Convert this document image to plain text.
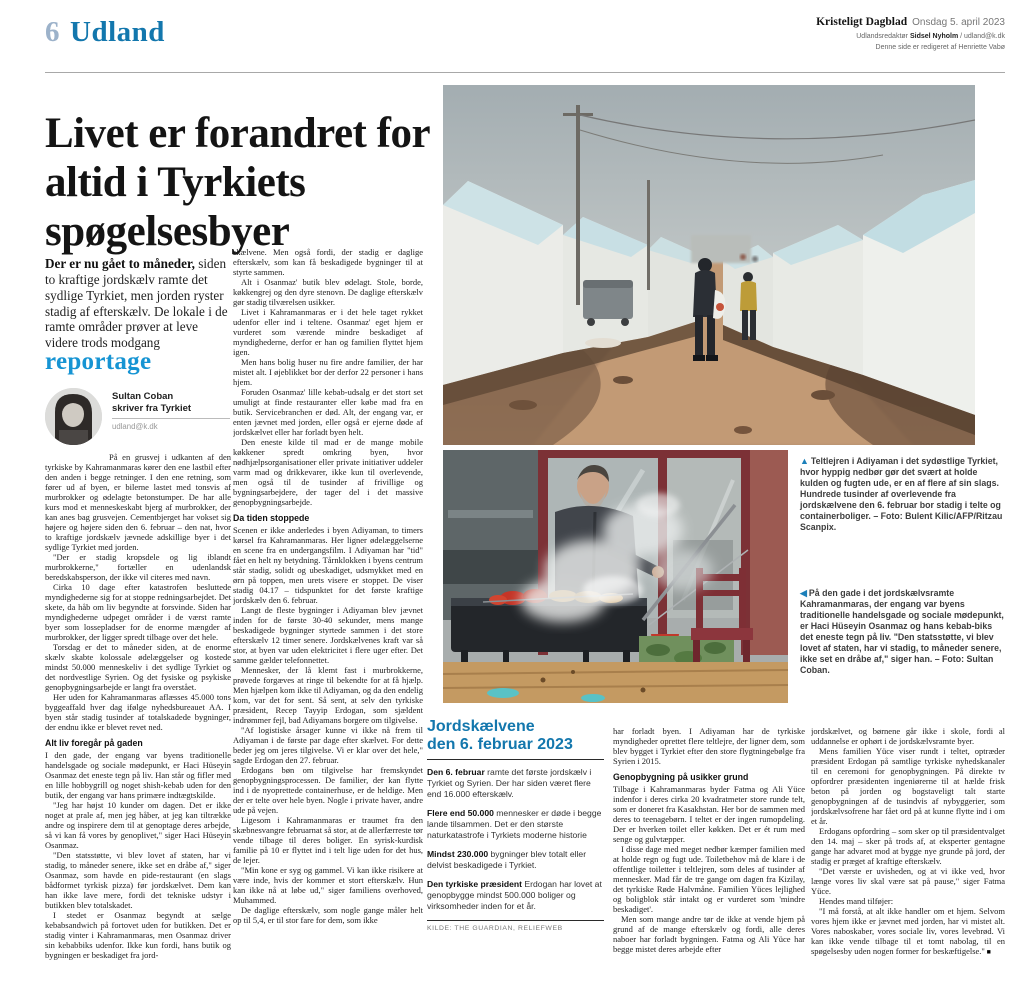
6 Udland	Kristeligt Dagblad Onsdag 5. april 2023
Udlandsredaktør Sidsel Nyholm / udland@k.dk
Denne side er redigeret af Henriette Vabø
Livet er forandret for altid i Tyrkiets spøgelsesbyer

Der er nu gået to måneder, siden to kraftige jordskælv ramte det sydlige Tyrkiet, men jorden ryster stadig af efterskælv. De lokale i de ramte områder prøver at leve videre trods modgang

reportage
Sultan Coban
skriver fra Tyrkiet
udland@k.dk

På en grusvej i udkanten af den tyrkiske by Kahramanmaras kører den ene lastbil efter den anden i begge retninger. I den ene retning, som fører ud af byen, er bilerne lastet med tonsvis af murbrokker og ødelagte betonstumper. De har alle kurs mod et menneskeskabt bjerg af murbrokker, der kan anes bag grusvejen. Cementbjerget har vokset sig højere og højere siden den 6. februar – den nat, hvor to kraftige jordskælv jævnede adskillige byer i det sydlige Tyrkiet med jorden.

"Der er stadig kropsdele og lig iblandt murbrokkerne," fortæller en udenlandsk beredskabsperson, der ikke vil citeres med navn.

Cirka 10 dage efter katastrofen besluttede myndighederne sig for at stoppe redningsarbejdet. Det skete, da håb om liv begyndte at forsvinde. Siden har myndighederne udpeget områder i de værst ramte byer som lossepladser for de enorme mængder af murbrokker, der ligger spredt tilbage over det hele.

Torsdag er det to måneder siden, at de enorme skælv skabte kolossale ødelæggelser og kostede mindst 50.000 menneskeliv i det sydlige Tyrkiet og det nordvestlige Syrien. Og det fysiske og psykiske genopbygningsarbejde er langt fra overstået.

Her uden for Kahramanmaras aflæsses 45.000 tons byggeaffald hver dag ifølge nyhedsbureauet AA. I byen står stadig tusinder af totalskadede bygninger, der endnu ikke er blevet revet ned.

Alt liv foregår på gaden

I den gade, der engang var byens traditionelle handelsgade og sociale mødepunkt, er Haci Hüseyin Osanmaz det eneste tegn på liv. Han står og fifler med en lille hobbygrill og noget shish-kebab uden for den butik, der engang var hans primære indtægtskilde.

"Jeg har højst 10 kunder om dagen. Det er ikke noget at prale af, men jeg håber, at jeg kan tiltrække andre og inspirere dem til at genoptage deres arbejde, så vi kan få vores by genoplivet," siger Haci Hüseyin Osanmaz.

"Den statsstøtte, vi blev lovet af staten, har vi stadig, to måneder senere, ikke set en dråbe af," siger Osanmaz, som havde en pide-restaurant (en slags bådformet tyrkisk pizza) før jordskælvet. Dem kan han ikke lave mere, fordi det tekniske udstyr i butikken blev totalskadet.

I stedet er Osanmaz begyndt at sælge kebabsandwich på fortovet uden for butikken. Det er stadig vinter i Kahramanmaras, men Osanmaz driver sin kebabbiks udenfor. Ikke kun fordi, hans butik og bygningen er beskadiget fra jord-

skælvene. Men også fordi, der stadig er daglige efterskælv, som kan få beskadigede bygninger til at styrte sammen.

Alt i Osanmaz' butik blev ødelagt. Stole, borde, køkkengrej og den dyre stenovn. De daglige efterskælv gør stadig tilværelsen usikker.

Livet i Kahramanmaras er i det hele taget rykket udenfor eller ind i teltene. Osanmaz' eget hjem er vurderet som værende mindre beskadiget af myndighederne, derfor er han og familien flyttet hjem igen.

Men hans bolig huser nu fire andre familier, der har mistet alt. I øjeblikket bor der derfor 22 personer i hans hjem.

Foruden Osanmaz' lille kebab-udsalg er det stort set umuligt at finde restauranter eller købe mad fra en butik. Servicebranchen er død. Alt, der engang var, er enten jævnet med jorden, eller også er ejerne døde af jordskælvet eller har forladt byen helt.

Den eneste kilde til mad er de mange mobile køkkener spredt omkring byen, hvor nødhjælpsorganisationer eller private initiativer uddeler varm mad og drikkevarer, ikke kun til overlevende, men også til de tusinder af frivillige og bygningsarbejdere, der tager del i det massive genopbygningsarbejde.

Da tiden stoppede

Scenen er ikke anderledes i byen Adiyaman, to timers kørsel fra Kahramanmaras. Her ligner ødelæggelserne en scene fra en undergangsfilm. I Adiyaman har "tid" fået en helt ny betydning. Tårnklokken i byens centrum står stadig, solidt og ubeskadiget, udsmykket med en ørn på toppen, men urets visere er stoppet. De viser stadig 04.17 – tidspunktet for det første kraftige jordskælv den 6. februar.

Langt de fleste bygninger i Adiyaman blev jævnet inden for de første 30-40 sekunder, mens mange beskadigede bygninger styrtede sammen i det store efterskælv 12 timer senere. Jordskælvenes kraft var så stor, at byen var uden elektricitet i flere uger efter. Det samme gælder telefonnettet.

Mennesker, der lå klemt fast i murbrokkerne, prøvede forgæves at ringe til bekendte for at få hjælp. Men hjælpen kom ikke til Adiyaman, og da den endelig kom, var det for sent. Så sent, at selv den tyrkiske præsident, Recep Tayyip Erdogan, som sjældent indrømmer fejl, bad Adiyamans borgere om tilgivelse.

"Af logistiske årsager kunne vi ikke nå frem til Adiyaman i de første par dage efter skælvet. For dette beder jeg om jeres tilgivelse. Vi er klar over det hele," sagde Erdogan den 27. februar.

Erdogans bøn om tilgivelse har fremskyndet genopbygningsprocessen. De familier, der kan flytte ind i de nyoprettede containerhuse, er de heldige. Men der er telte over hele byen. Nogle i private haver, andre ude på vejen.

Ligesom i Kahramanmaras er traumet fra den skæbnesvangre februarnat så stor, at de allerfærreste tør vende tilbage til deres boliger. En syrisk-kurdisk familie på 10 er flyttet ind i telt lige uden for det hus, de lejer.

"Min kone er syg og gammel. Vi kan ikke risikere at være inde, hvis der kommer et stort efterskælv. Hun kan ikke nå at løbe ud," siger familiens overhoved, Muhammed.

De daglige efterskælv, som nogle gange måler helt op til 5,4, er til stor fare for dem, som ikke

har forladt byen. I Adiyaman har de tyrkiske myndigheder oprettet flere teltlejre, der ligner dem, som blev bygget i Tyrkiet efter den store flygtningebølge fra Syrien i 2015.

Genopbygning på usikker grund

Tilbage i Kahramanmaras byder Fatma og Ali Yüce indenfor i deres cirka 20 kvadratmeter store runde telt, som er doneret fra Kasakhstan. Her bor de sammen med deres to teenagebørn. I teltet er der ingen rumopdeling. Der er hverken toilet eller køkken. Det er ét rum med senge og gulvtæpper.

I disse dage med meget nedbør kæmper familien med at holde regn og fugt ude. Toiletbehov må de klare i de offentlige toiletter i teltlejren, som deles af tusinder af mennesker. Mad får de tre gange om dagen fra Kizilay, det tyrkiske Røde Halvmåne. Familien Yüces lejlighed og boligblok står intakt og er vurderet som 'mindre beskadiget'.

Men som mange andre tør de ikke at vende hjem på grund af de mange efterskælv og fordi, alle deres naboer har forladt bygningen. Fatma og Ali Yüce har begge mistet deres arbejde efter

jordskælvet, og børnene går ikke i skole, fordi al uddannelse er ophørt i de jordskælvsramte byer.

Mens familien Yüce viser rundt i teltet, optræder præsident Erdogan på samtlige tyrkiske nyhedskanaler til en ceremoni for genopbygningen. På direkte tv opfordrer præsidenten ingeniørerne til at hælde frisk beton på jorden og bogstaveligt talt starte genopbygningen af de tusindvis af nybyggerier, som jordskælvsofrene har fået ord på at kunne flytte ind i om et år.

Erdogans opfordring – som sker op til præsidentvalget den 14. maj – sker på trods af, at eksperter gentagne gange har advaret mod at bygge nye grunde på jord, der stadig er præget af kraftige efterskælv.

"Det værste er uvisheden, og at vi ikke ved, hvor længe vores liv skal være sat på pause," siger Fatma Yüce.

Hendes mand tilføjer:

"I må forstå, at alt ikke handler om et hjem. Selvom vores hjem ikke er jævnet med jorden, har vi mistet alt. Vores naboskaber, vores sociale liv, vores levebrød. Vi kan ikke vende tilbage til et tomt nabolag, til en spøgelsesby uden nogen former for beskæftigelse." ■

▲ Teltlejren i Adiyaman i det sydøstlige Tyrkiet, hvor hyppig nedbør gør det svært at holde kulden og fugten ude, er en af flere af sin slags. Hundrede tusinder af overlevende fra jordskælvene den 6. februar bor stadig i telte og containerboliger. – Foto: Bulent Kilic/AFP/Ritzau Scanpix.
◀ På den gade i det jordskælvsramte Kahramanmaras, der engang var byens traditionelle handelsgade og sociale mødepunkt, er Haci Hüseyin Osanmaz og hans kebab-biks det eneste tegn på liv. "Den statsstøtte, vi blev lovet af staten, har vi stadig, to måneder senere, ikke set en dråbe af," siger han. – Foto: Sultan Coban.

Jordskælvene
den 6. februar 2023

Den 6. februar ramte det første jordskælv i Tyrkiet og Syrien. Der har siden været flere end 16.000 efterskælv.

Flere end 50.000 mennesker er døde i begge lande tilsammen. Det er den største naturkatastrofe i Tyrkiets moderne historie

Mindst 230.000 bygninger blev totalt eller delvist beskadigede i Tyrkiet.

Den tyrkiske præsident Erdogan har lovet at genopbygge mindst 500.000 boliger og virksomheder inden for et år.

KILDE: THE GUARDIAN, RELIEFWEB
